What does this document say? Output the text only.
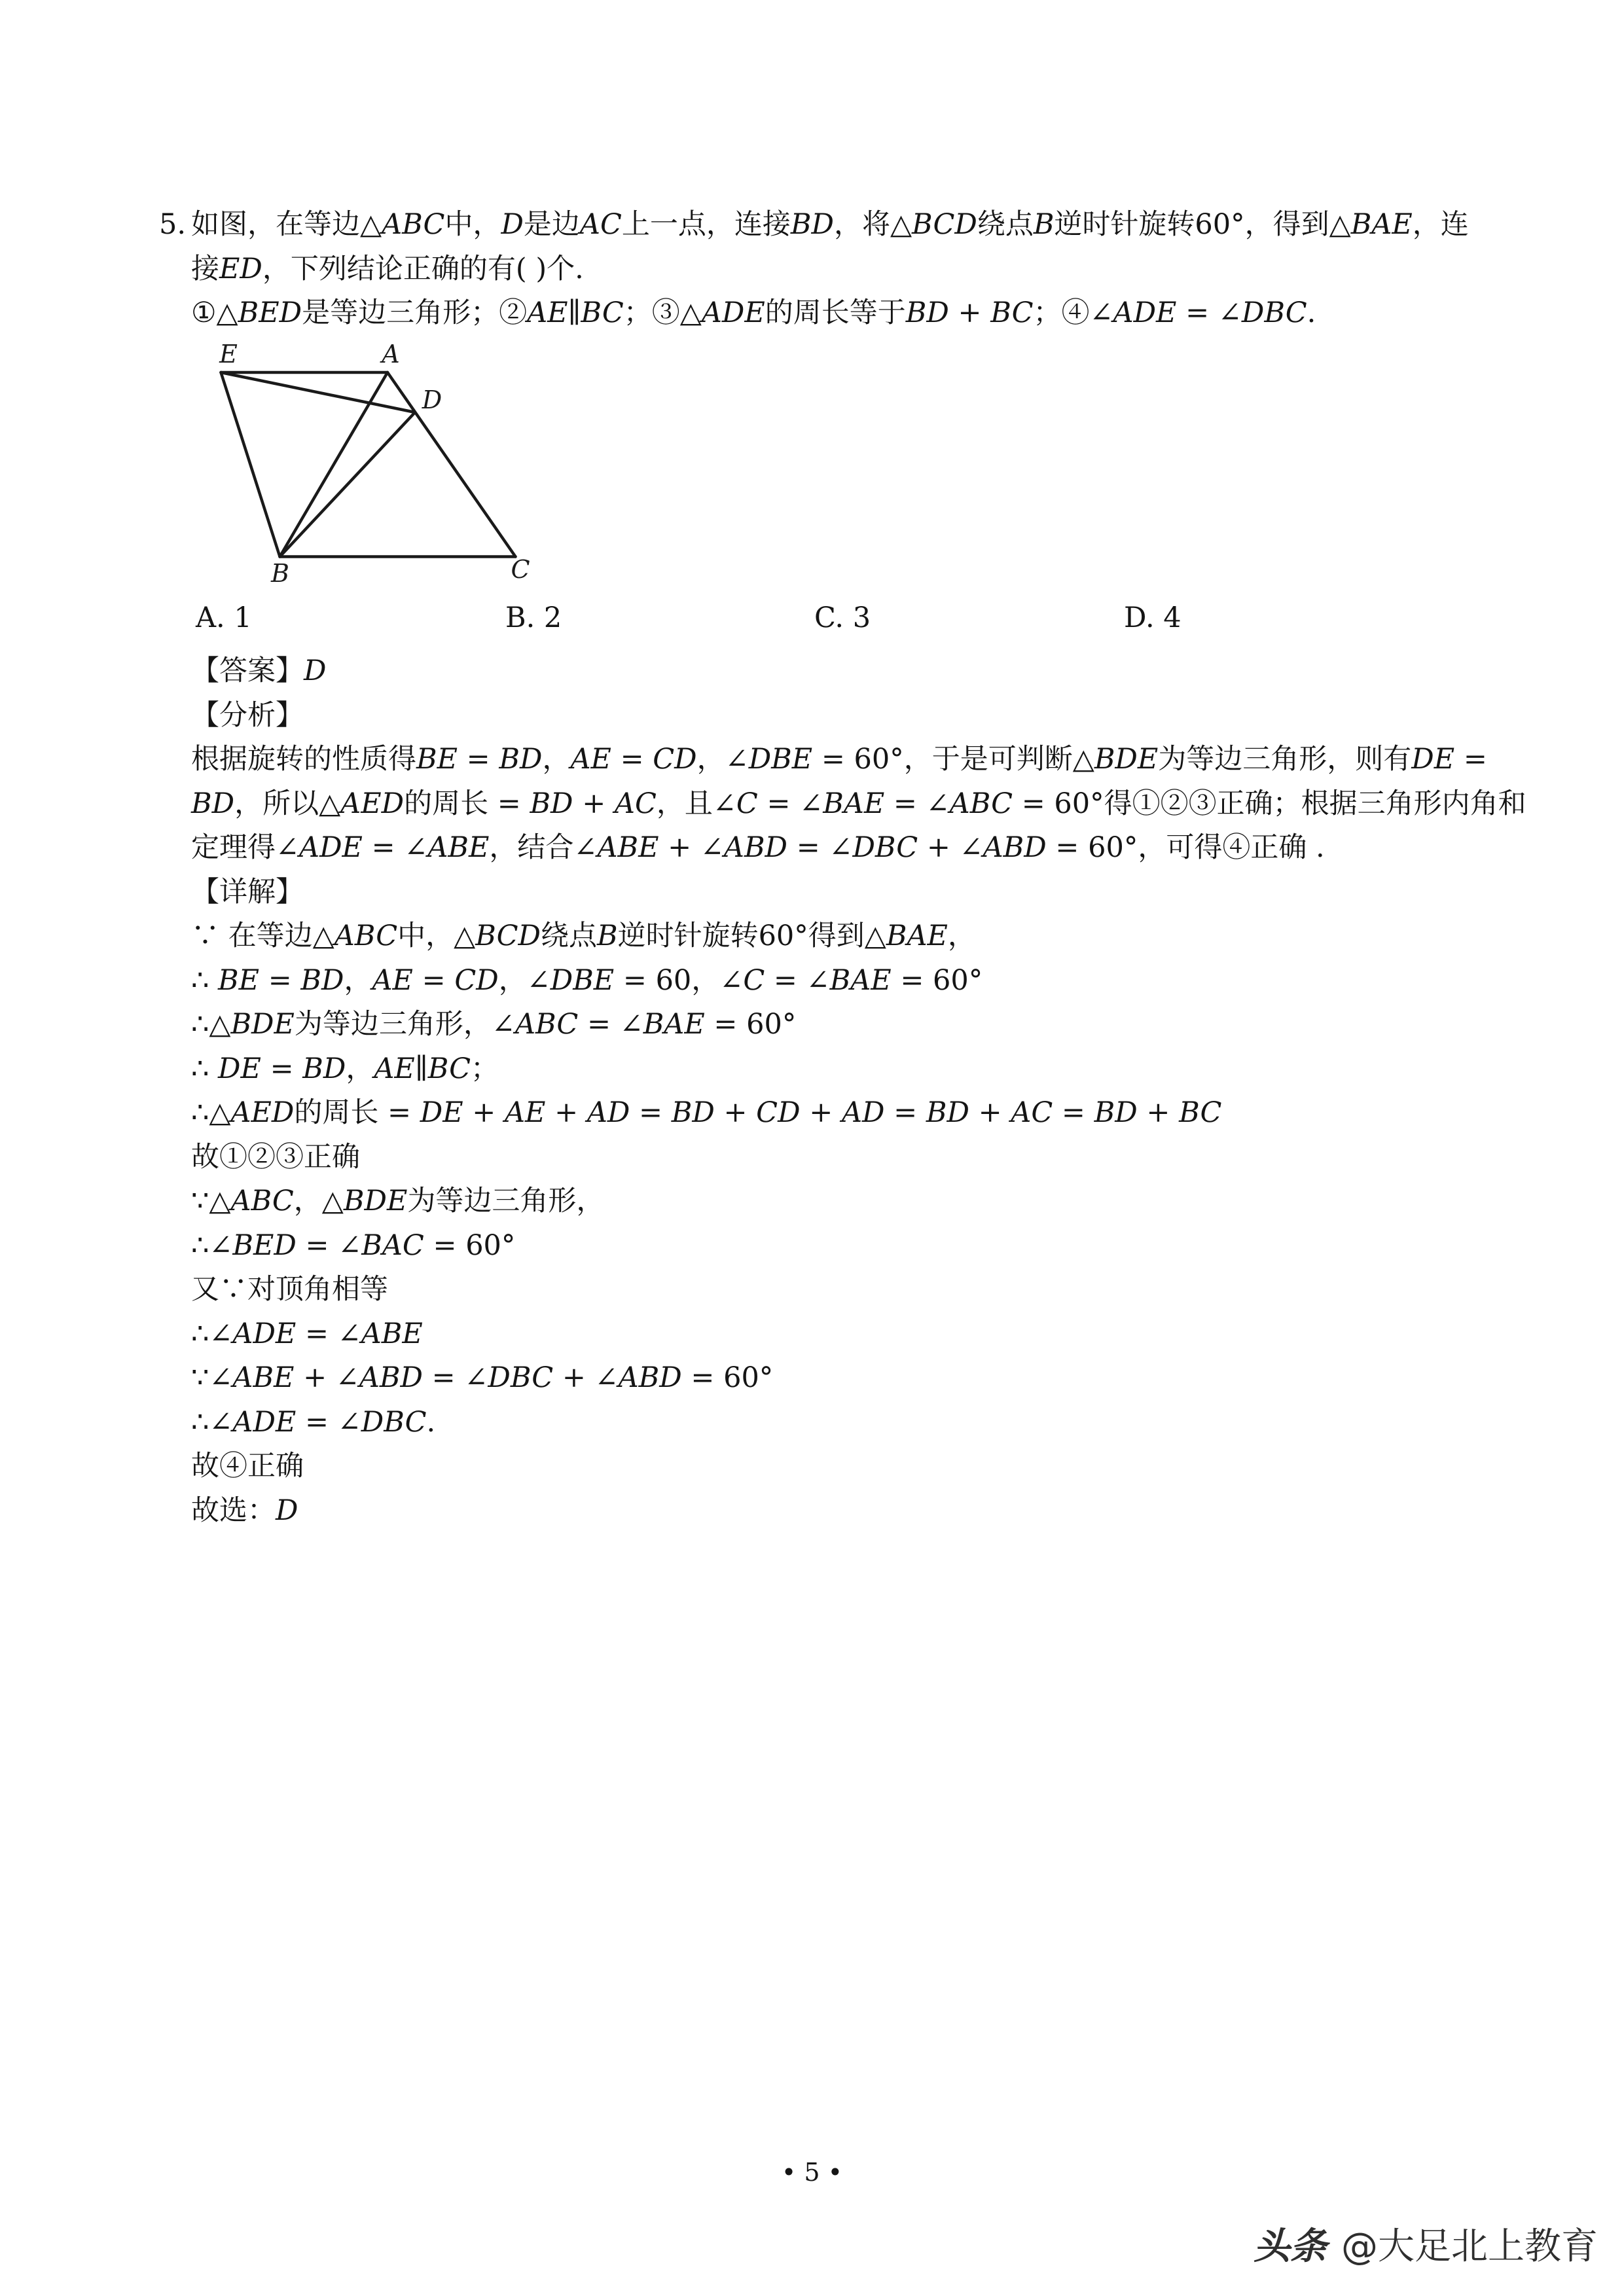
5. 如图，在等边△ABC中，D是边AC上一点，连接BD，将△BCD绕点B逆时针旋转60°，得到△BAE，连
接ED，下列结论正确的有( )个.
①△BED是等边三角形；②AE∥BC；③△ADE的周长等于BD + BC；④∠ADE = ∠DBC.
E	A
D
B	C
A. 1	B. 2	C. 3	D. 4
【答案】D
【分析】
根据旋转的性质得BE = BD，AE = CD，∠DBE = 60°，于是可判断△BDE为等边三角形，则有DE =
BD，所以△AED的周长 = BD + AC，且∠C = ∠BAE = ∠ABC = 60°得①②③正确；根据三角形内角和
定理得∠ADE = ∠ABE，结合∠ABE + ∠ABD = ∠DBC + ∠ABD = 60°，可得④正确 .
【详解】
∵ 在等边△ABC中，△BCD绕点B逆时针旋转60°得到△BAE，
∴ BE = BD，AE = CD，∠DBE = 60，∠C = ∠BAE = 60°
∴△BDE为等边三角形，∠ABC = ∠BAE = 60°
∴ DE = BD，AE∥BC；
∴△AED的周长 = DE + AE + AD = BD + CD + AD = BD + AC = BD + BC
故①②③正确
∵△ABC，△BDE为等边三角形，
∴∠BED = ∠BAC = 60°
又∵对顶角相等
∴∠ADE = ∠ABE
∵∠ABE + ∠ABD = ∠DBC + ∠ABD = 60°
∴∠ADE = ∠DBC.
故④正确
故选：D
• 5 •
头条 @大足北上教育
